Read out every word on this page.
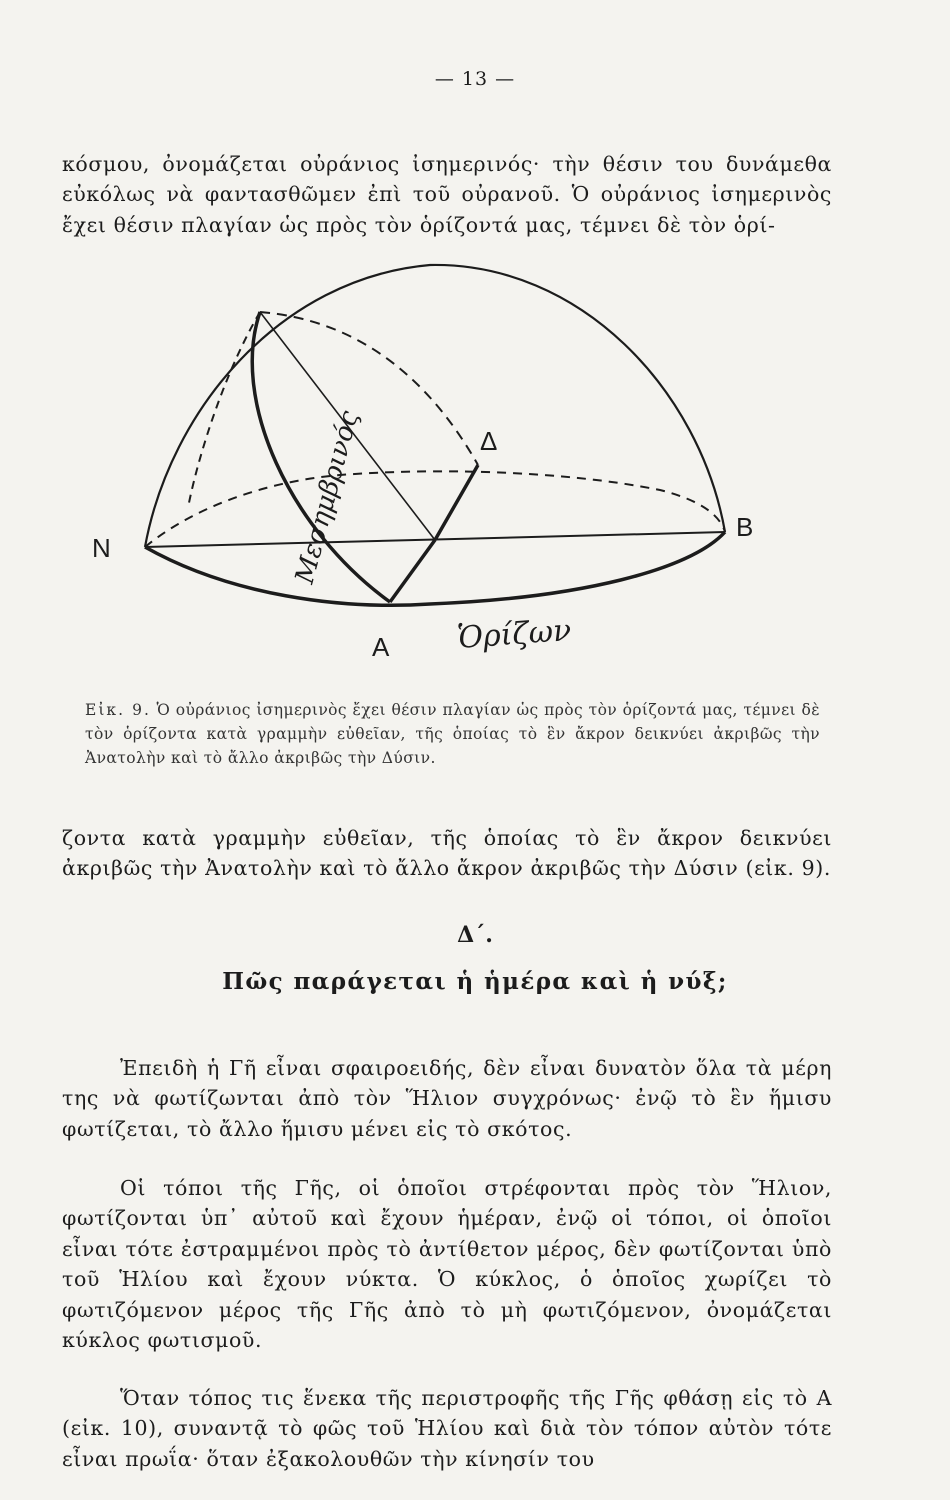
— 13 —

κόσμου, ὀνομάζεται οὐράνιος ἰσημερινός· τὴν θέσιν του δυνάμεθα εὐκόλως νὰ φαντασθῶμεν ἐπὶ τοῦ οὐρανοῦ. Ὁ οὐράνιος ἰσημερινὸς ἔχει θέσιν πλαγίαν ὡς πρὸς τὸν ὁρίζοντά μας, τέμνει δὲ τὸν ὁρί-

N
B
A
Δ
Ὁρίζων
Μεσημβρινός

Εἰκ. 9. Ὁ οὐράνιος ἰσημερινὸς ἔχει θέσιν πλαγίαν ὡς πρὸς τὸν ὁρίζοντά μας, τέμνει δὲ τὸν ὁρίζοντα κατὰ γραμμὴν εὐθεῖαν, τῆς ὁποίας τὸ ἓν ἄκρον δεικνύει ἀκριβῶς τὴν Ἀνατολὴν καὶ τὸ ἄλλο ἀκριβῶς τὴν Δύσιν.

ζοντα κατὰ γραμμὴν εὐθεῖαν, τῆς ὁποίας τὸ ἓν ἄκρον δεικνύει ἀκριβῶς τὴν Ἀνατολὴν καὶ τὸ ἄλλο ἄκρον ἀκριβῶς τὴν Δύσιν (εἰκ. 9).

Δ΄.
Πῶς παράγεται ἡ ἡμέρα καὶ ἡ νύξ;

Ἐπειδὴ ἡ Γῆ εἶναι σφαιροειδής, δὲν εἶναι δυνατὸν ὅλα τὰ μέρη της νὰ φωτίζωνται ἀπὸ τὸν Ἥλιον συγχρόνως· ἐνῷ τὸ ἓν ἥμισυ φωτίζεται, τὸ ἄλλο ἥμισυ μένει εἰς τὸ σκότος.

Οἱ τόποι τῆς Γῆς, οἱ ὁποῖοι στρέφονται πρὸς τὸν Ἥλιον, φωτίζονται ὑπ᾿ αὐτοῦ καὶ ἔχουν ἡμέραν, ἐνῷ οἱ τόποι, οἱ ὁποῖοι εἶναι τότε ἐστραμμένοι πρὸς τὸ ἀντίθετον μέρος, δὲν φωτίζονται ὑπὸ τοῦ Ἡλίου καὶ ἔχουν νύκτα. Ὁ κύκλος, ὁ ὁποῖος χωρίζει τὸ φωτιζόμενον μέρος τῆς Γῆς ἀπὸ τὸ μὴ φωτιζόμενον, ὀνομάζεται κύκλος φωτισμοῦ.

Ὅταν τόπος τις ἕνεκα τῆς περιστροφῆς τῆς Γῆς φθάσῃ εἰς τὸ Α (εἰκ. 10), συναντᾷ τὸ φῶς τοῦ Ἡλίου καὶ διὰ τὸν τόπον αὐτὸν τότε εἶναι πρωΐα· ὅταν ἐξακολουθῶν τὴν κίνησίν του
